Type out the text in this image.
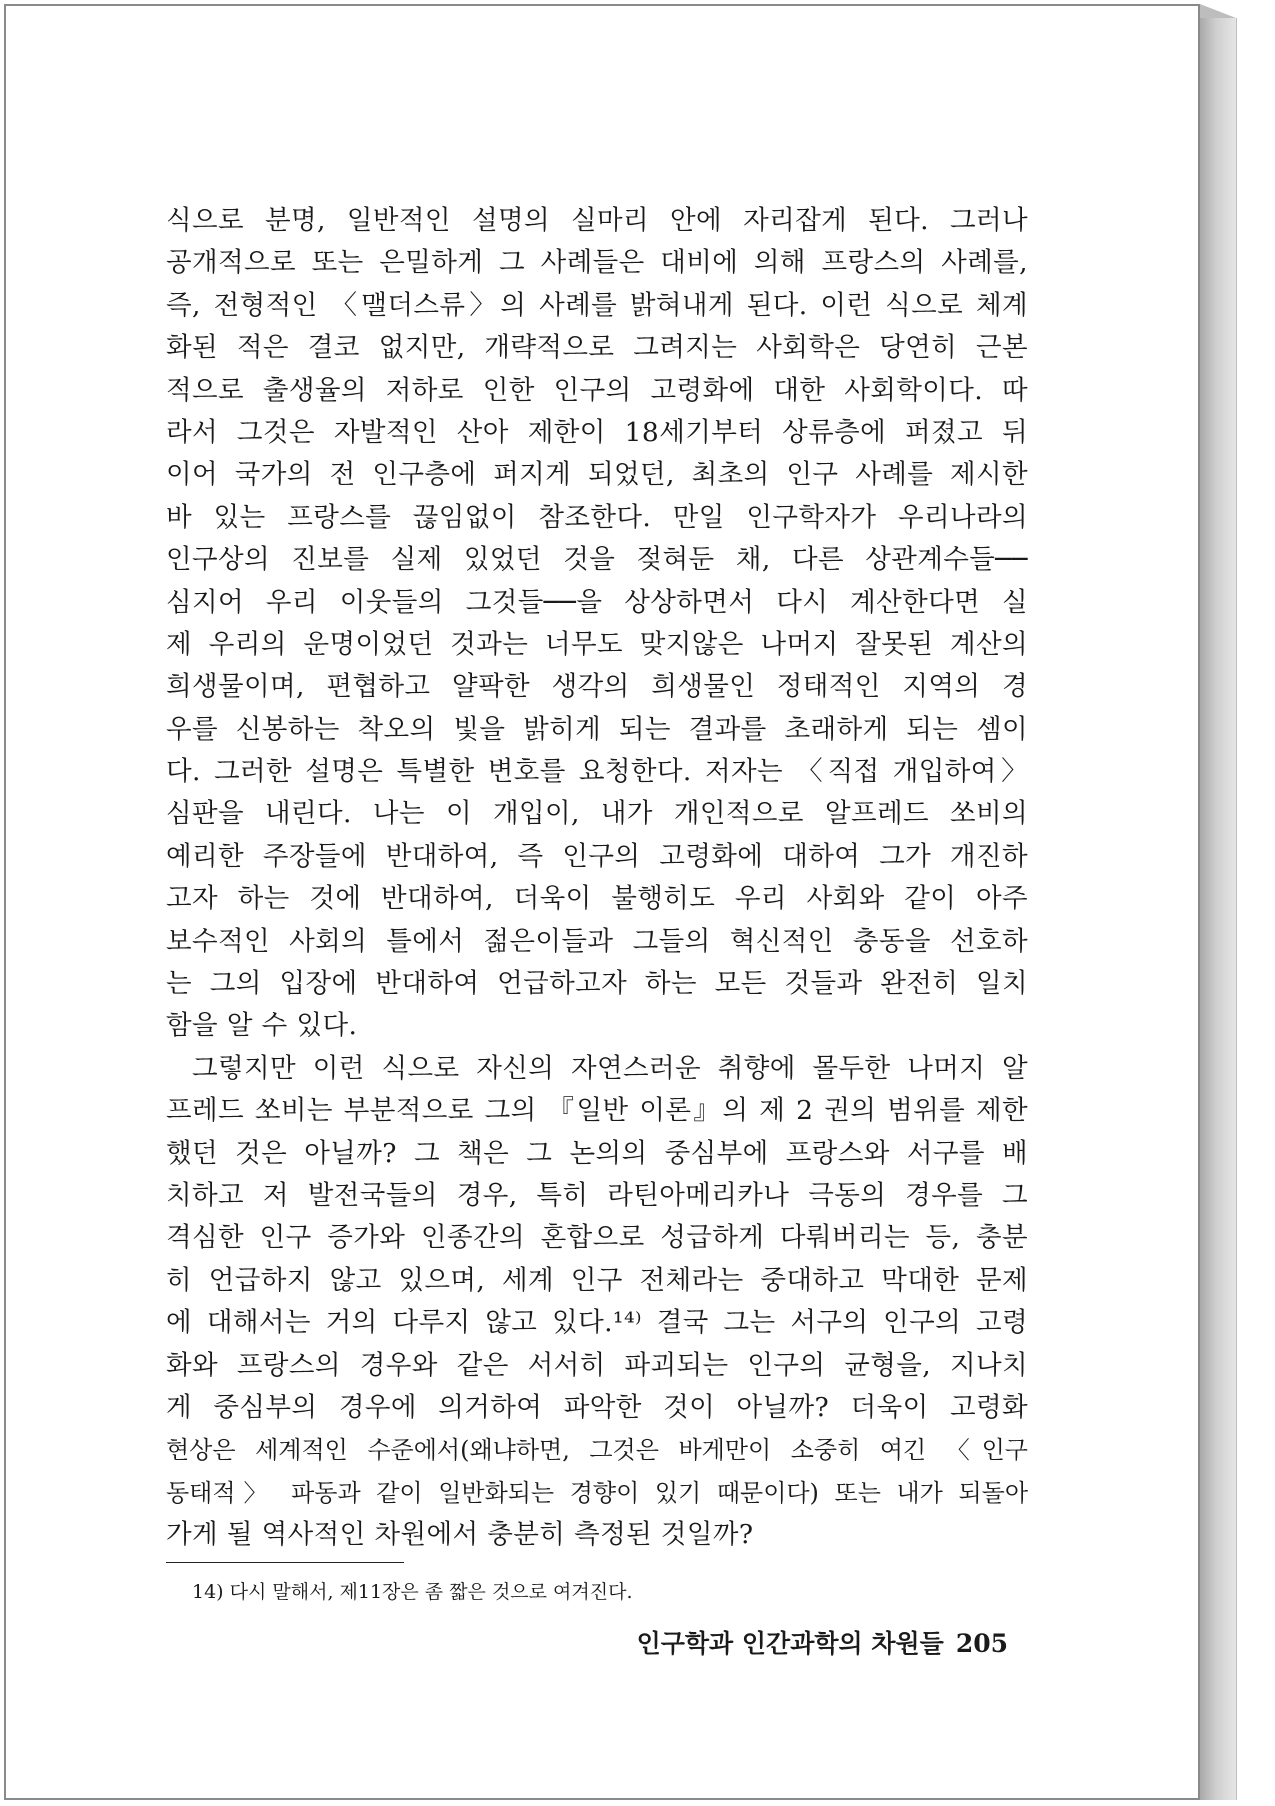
식으로 분명, 일반적인 설명의 실마리 안에 자리잡게 된다. 그러나
공개적으로 또는 은밀하게 그 사례들은 대비에 의해 프랑스의 사례를,
즉, 전형적인 〈맬더스류〉의 사례를 밝혀내게 된다. 이런 식으로 체계
화된 적은 결코 없지만, 개략적으로 그려지는 사회학은 당연히 근본
적으로 출생율의 저하로 인한 인구의 고령화에 대한 사회학이다. 따
라서 그것은 자발적인 산아 제한이 18세기부터 상류층에 퍼졌고 뒤
이어 국가의 전 인구층에 퍼지게 되었던, 최초의 인구 사례를 제시한
바 있는 프랑스를 끊임없이 참조한다. 만일 인구학자가 우리나라의
인구상의 진보를 실제 있었던 것을 젖혀둔 채, 다른 상관계수들──
심지어 우리 이웃들의 그것들──을 상상하면서 다시 계산한다면 실
제 우리의 운명이었던 것과는 너무도 맞지않은 나머지 잘못된 계산의
희생물이며, 편협하고 얄팍한 생각의 희생물인 정태적인 지역의 경
우를 신봉하는 착오의 빛을 밝히게 되는 결과를 초래하게 되는 셈이
다. 그러한 설명은 특별한 변호를 요청한다. 저자는 〈직접 개입하여〉
심판을 내린다. 나는 이 개입이, 내가 개인적으로 알프레드 쏘비의
예리한 주장들에 반대하여, 즉 인구의 고령화에 대하여 그가 개진하
고자 하는 것에 반대하여, 더욱이 불행히도 우리 사회와 같이 아주
보수적인 사회의 틀에서 젊은이들과 그들의 혁신적인 충동을 선호하
는 그의 입장에 반대하여 언급하고자 하는 모든 것들과 완전히 일치
함을 알 수 있다.
그렇지만 이런 식으로 자신의 자연스러운 취향에 몰두한 나머지 알
프레드 쏘비는 부분적으로 그의 『일반 이론』의 제 2 권의 범위를 제한
했던 것은 아닐까? 그 책은 그 논의의 중심부에 프랑스와 서구를 배
치하고 저 발전국들의 경우, 특히 라틴아메리카나 극동의 경우를 그
격심한 인구 증가와 인종간의 혼합으로 성급하게 다뤄버리는 등, 충분
히 언급하지 않고 있으며, 세계 인구 전체라는 중대하고 막대한 문제
에 대해서는 거의 다루지 않고 있다.¹⁴⁾ 결국 그는 서구의 인구의 고령
화와 프랑스의 경우와 같은 서서히 파괴되는 인구의 균형을, 지나치
게 중심부의 경우에 의거하여 파악한 것이 아닐까? 더욱이 고령화
현상은 세계적인 수준에서(왜냐하면, 그것은 바게만이 소중히 여긴 〈인구
동태적〉 파동과 같이 일반화되는 경향이 있기 때문이다) 또는 내가 되돌아
가게 될 역사적인 차원에서 충분히 측정된 것일까?
14) 다시 말해서, 제11장은 좀 짧은 것으로 여겨진다.
인구학과 인간과학의 차원들 205
